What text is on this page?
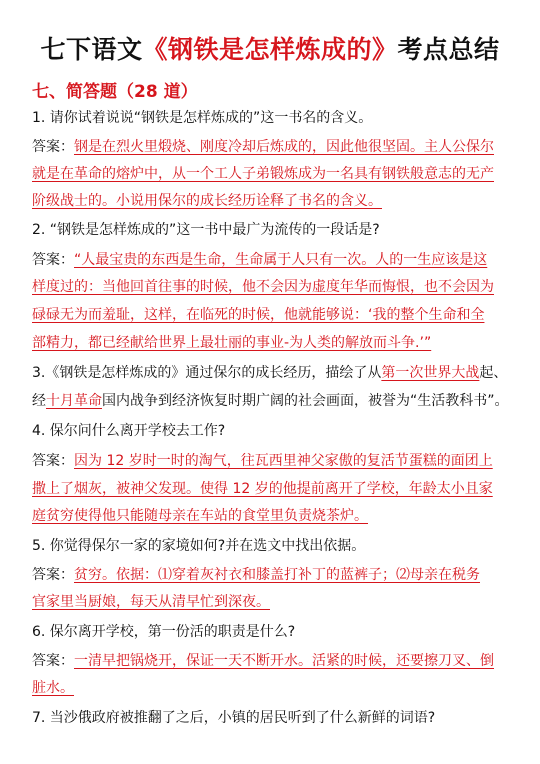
七下语文《钢铁是怎样炼成的》考点总结
七、简答题（28 道）
1. 请你试着说说“钢铁是怎样炼成的”这一书名的含义。
答案：钢是在烈火里煅烧、刚度冷却后炼成的，因此他很坚固。主人公保尔
就是在革命的熔炉中，从一个工人子弟锻炼成为一名具有钢铁般意志的无产
阶级战士的。小说用保尔的成长经历诠释了书名的含义。
2. “钢铁是怎样炼成的”这一书中最广为流传的一段话是?
答案：“人最宝贵的东西是生命，生命属于人只有一次。人的一生应该是这
样度过的：当他回首往事的时候，他不会因为虚度年华而悔恨，也不会因为
碌碌无为而羞耻，这样，在临死的时候，他就能够说：‘我的整个生命和全
部精力，都已经献给世界上最壮丽的事业-为人类的解放而斗争.’”
3.《钢铁是怎样炼成的》通过保尔的成长经历，描绘了从第一次世界大战起、
经十月革命国内战争到经济恢复时期广阔的社会画面，被誉为“生活教科书”。
4. 保尔问什么离开学校去工作?
答案：因为 12 岁时一时的淘气，往瓦西里神父家傲的复活节蛋糕的面团上
撒上了烟灰，被神父发现。使得 12 岁的他提前离开了学校，年龄太小且家
庭贫穷使得他只能随母亲在车站的食堂里负责烧茶炉。
5. 你觉得保尔一家的家境如何?并在选文中找出依据。
答案：贫穷。依据：⑴穿着灰衬衣和膝盖打补丁的蓝裤子；⑵母亲在税务
官家里当厨娘，每天从清早忙到深夜。
6. 保尔离开学校，第一份活的职责是什么?
答案：一清早把锅烧开，保证一天不断开水。活紧的时候，还要擦刀叉、倒
脏水。
7. 当沙俄政府被推翻了之后，小镇的居民听到了什么新鲜的词语?
